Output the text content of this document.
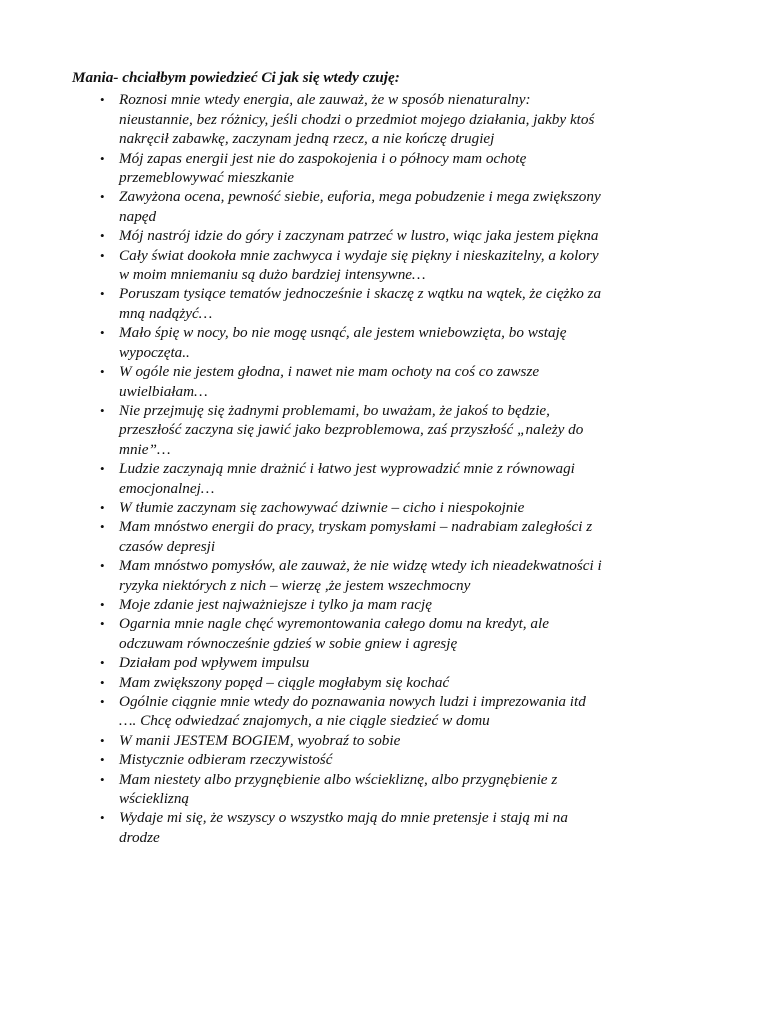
Mania- chciałbym powiedzieć Ci jak się wtedy czuję:
• Roznosi mnie wtedy energia, ale zauważ, że w sposób nienaturalny:
nieustannie, bez różnicy, jeśli chodzi o przedmiot mojego działania, jakby ktoś
nakręcił zabawkę, zaczynam jedną rzecz, a nie kończę drugiej
• Mój zapas energii jest nie do zaspokojenia i o północy mam ochotę
przemeblowywać mieszkanie
• Zawyżona ocena, pewność siebie, euforia, mega pobudzenie i mega zwiększony
napęd
• Mój nastrój idzie do góry i zaczynam patrzeć w lustro, wiąc jaka jestem piękna
• Cały świat dookoła mnie zachwyca i wydaje się piękny i nieskazitelny, a kolory
w moim mniemaniu są dużo bardziej intensywne…
• Poruszam tysiące tematów jednocześnie i skaczę z wątku na wątek, że ciężko za
mną nadążyć…
• Mało śpię w nocy, bo nie mogę usnąć, ale jestem wniebowzięta, bo wstaję
wypoczęta..
• W ogóle nie jestem głodna, i nawet nie mam ochoty na coś co zawsze
uwielbiałam…
• Nie przejmuję się żadnymi problemami, bo uważam, że jakoś to będzie,
przeszłość zaczyna się jawić jako bezproblemowa, zaś przyszłość „należy do
mnie”…
• Ludzie zaczynają mnie drażnić i łatwo jest wyprowadzić mnie z równowagi
emocjonalnej…
• W tłumie zaczynam się zachowywać dziwnie – cicho i niespokojnie
• Mam mnóstwo energii do pracy, tryskam pomysłami – nadrabiam zaległości z
czasów depresji
• Mam mnóstwo pomysłów, ale zauważ, że nie widzę wtedy ich nieadekwatności i
ryzyka niektórych z nich – wierzę ,że jestem wszechmocny
• Moje zdanie jest najważniejsze i tylko ja mam rację
• Ogarnia mnie nagle chęć wyremontowania całego domu na kredyt, ale
odczuwam równocześnie gdzieś w sobie gniew i agresję
• Działam pod wpływem impulsu
• Mam zwiększony popęd – ciągle mogłabym się kochać
• Ogólnie ciągnie mnie wtedy do poznawania nowych ludzi i imprezowania itd
…. Chcę odwiedzać znajomych, a nie ciągle siedzieć w domu
• W manii JESTEM BOGIEM, wyobraź to sobie
• Mistycznie odbieram rzeczywistość
• Mam niestety albo przygnębienie albo wściekliznę, albo przygnębienie z
wścieklizną
• Wydaje mi się, że wszyscy o wszystko mają do mnie pretensje i stają mi na
drodze
